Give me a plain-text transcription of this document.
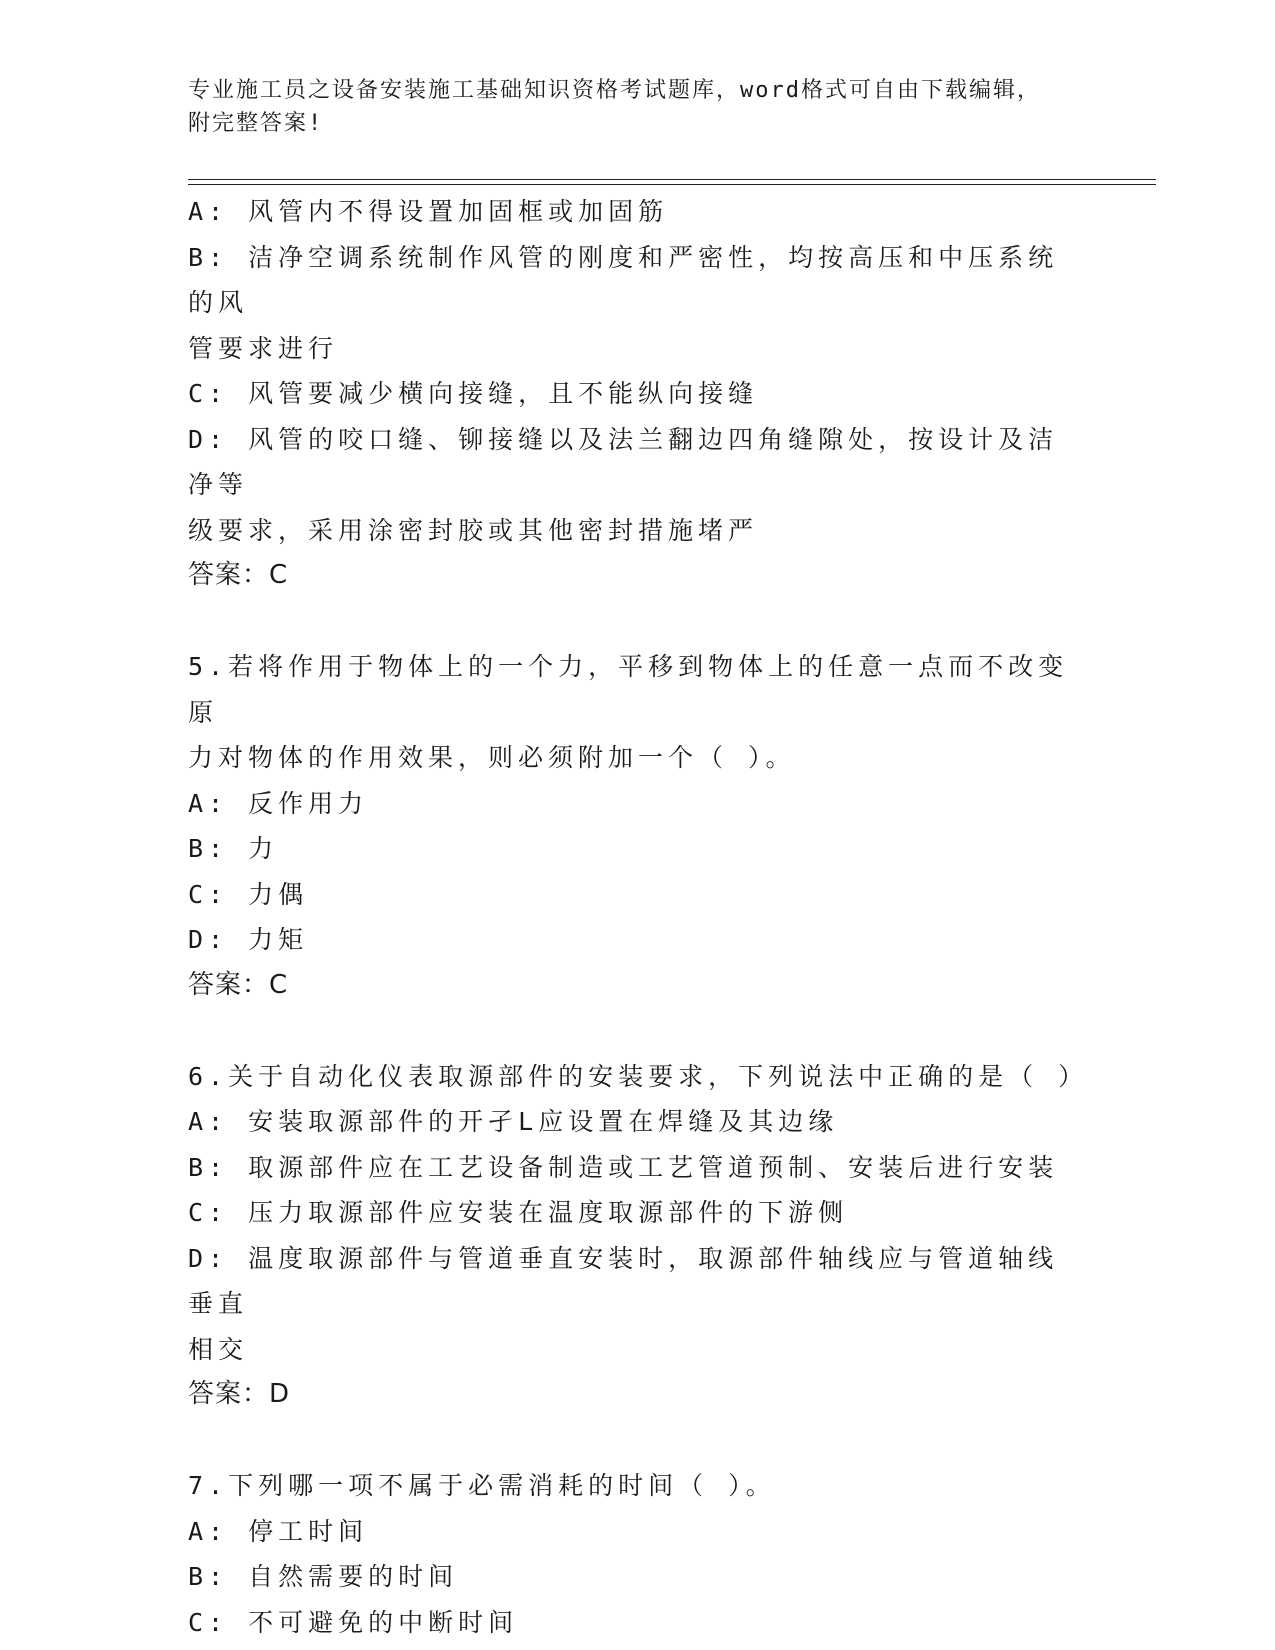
专业施工员之设备安装施工基础知识资格考试题库，word格式可自由下载编辑，
附完整答案!
A: 风管内不得设置加固框或加固筋
B: 洁净空调系统制作风管的刚度和严密性，均按高压和中压系统的风
管要求进行
C: 风管要减少横向接缝，且不能纵向接缝
D: 风管的咬口缝、铆接缝以及法兰翻边四角缝隙处，按设计及洁净等
级要求，采用涂密封胶或其他密封措施堵严
答案：C
5.若将作用于物体上的一个力，平移到物体上的任意一点而不改变原
力对物体的作用效果，则必须附加一个（ ）。
A: 反作用力
B: 力
C: 力偶
D: 力矩
答案：C
6.关于自动化仪表取源部件的安装要求，下列说法中正确的是（ ）
A: 安装取源部件的开孑L应设置在焊缝及其边缘
B: 取源部件应在工艺设备制造或工艺管道预制、安装后进行安装
C: 压力取源部件应安装在温度取源部件的下游侧
D: 温度取源部件与管道垂直安装时，取源部件轴线应与管道轴线垂直
相交
答案：D
7.下列哪一项不属于必需消耗的时间（ ）。
A: 停工时间
B: 自然需要的时间
C: 不可避免的中断时间
